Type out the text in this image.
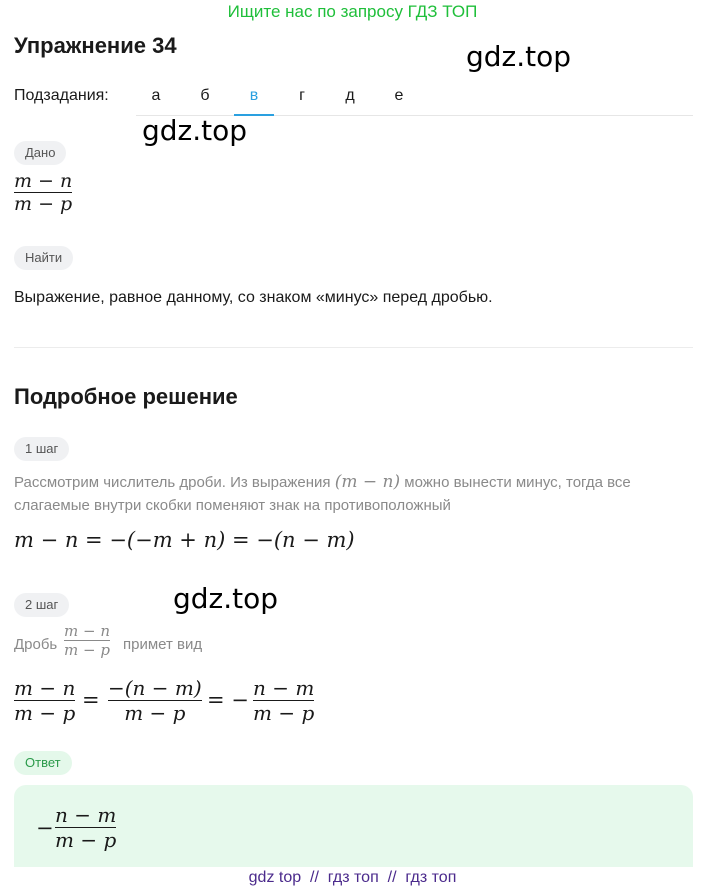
Ищите нас по запросу ГДЗ ТОП
Упражнение 34	gdz.top
gdz.top
gdz.top
Подзадания:	а	б	в	г	д	е
Дано
m − n
m − p
Найти
Выражение, равное данному, со знаком «минус» перед дробью.
Подробное решение
1 шаг
Рассмотрим числитель дроби. Из выражения (m − n) можно вынести минус, тогда все
слагаемые внутри скобки поменяют знак на противоположный
m − n = −(−m + n) = −(n − m)
2 шаг
Дробь
m − n
m − p примет вид
m − n
m − p
= −(n − m)
m − p
= − n − m
m − p
Ответ
−
n − m
m − p
gdz top  //  гдз топ  //  гдз топ
